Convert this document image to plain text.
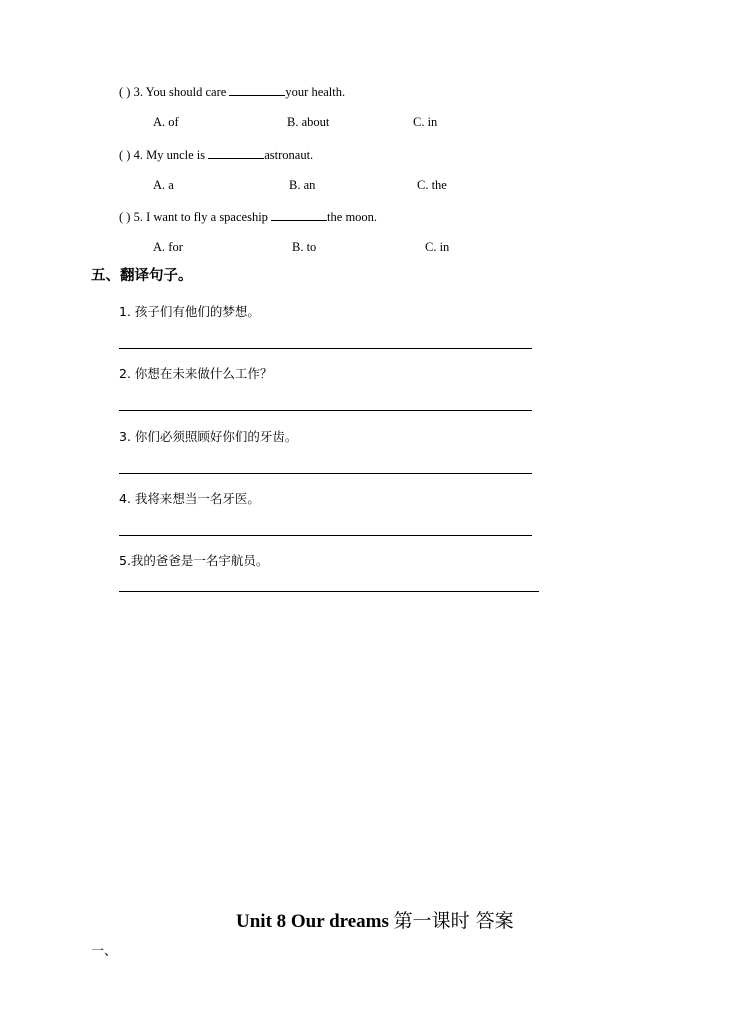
( ) 3. You should care	your health.
A. of	B. about	C. in
( ) 4. My uncle is	astronaut.
A. a	B. an	C. the
( ) 5. I want to fly a spaceship	the moon.
A. for	B. to	C. in
五、翻译句子。
1. 孩子们有他们的梦想。
2. 你想在未来做什么工作？
3. 你们必须照顾好你们的牙齿。
4. 我将来想当一名牙医。
5.我的爸爸是一名宇航员。
Unit 8 Our dreams 第一课时 答案
一、
